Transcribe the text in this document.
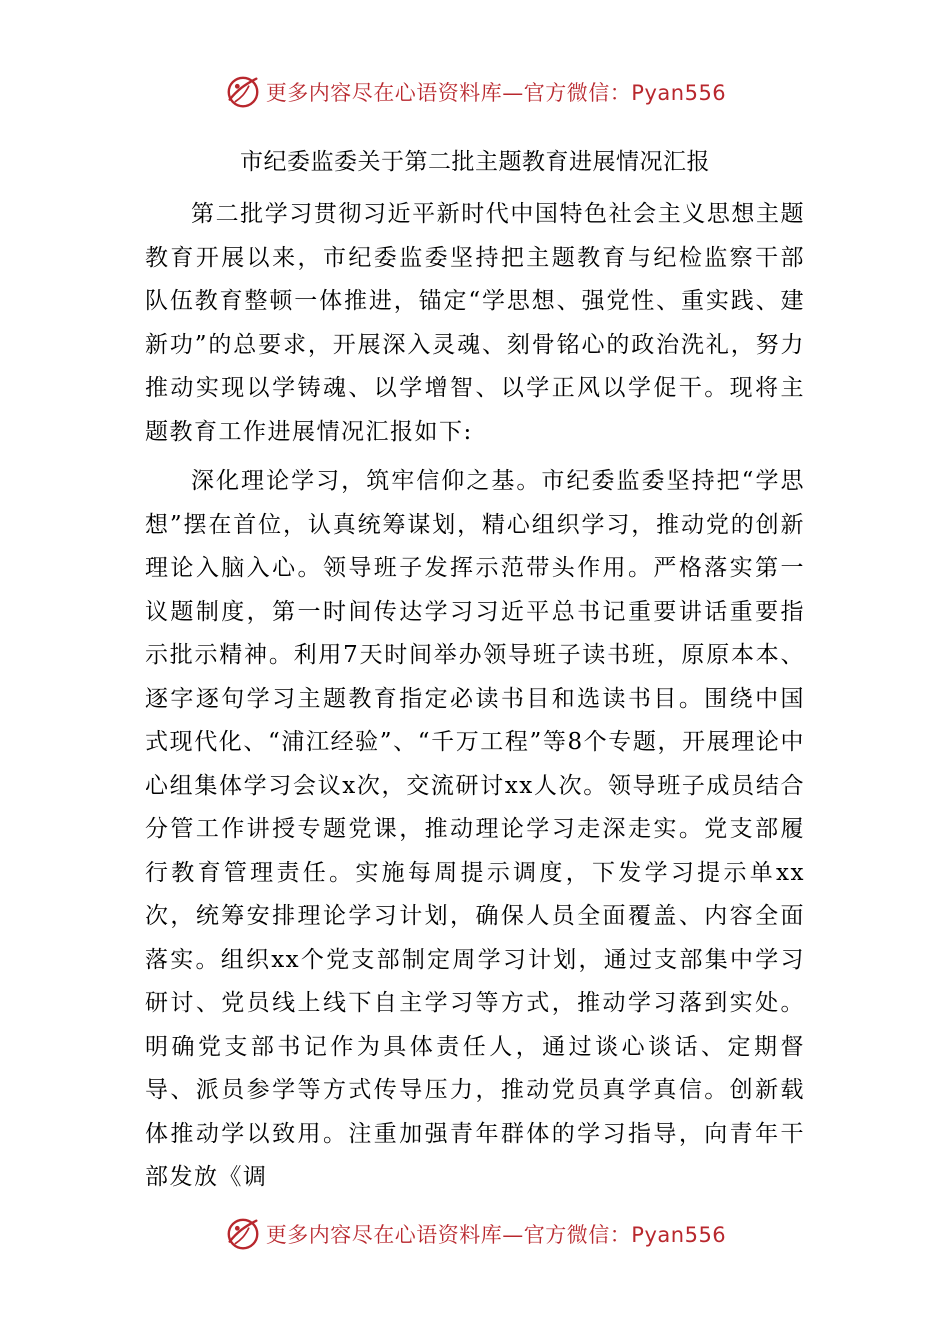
更多内容尽在心语资料库—官方微信：Pyan556
市纪委监委关于第二批主题教育进展情况汇报

第二批学习贯彻习近平新时代中国特色社会主义思想主题教育开展以来，市纪委监委坚持把主题教育与纪检监察干部队伍教育整顿一体推进，锚定“学思想、强党性、重实践、建新功”的总要求，开展深入灵魂、刻骨铭心的政治洗礼，努力推动实现以学铸魂、以学增智、以学正风以学促干。现将主题教育工作进展情况汇报如下:

深化理论学习，筑牢信仰之基。市纪委监委坚持把“学思想”摆在首位，认真统筹谋划，精心组织学习，推动党的创新理论入脑入心。领导班子发挥示范带头作用。严格落实第一议题制度，第一时间传达学习习近平总书记重要讲话重要指示批示精神。利用7天时间举办领导班子读书班，原原本本、逐字逐句学习主题教育指定必读书目和选读书目。围绕中国式现代化、“浦江经验”、“千万工程”等8个专题，开展理论中心组集体学习会议x次，交流研讨xx人次。领导班子成员结合分管工作讲授专题党课，推动理论学习走深走实。党支部履行教育管理责任。实施每周提示调度，下发学习提示单xx次，统筹安排理论学习计划，确保人员全面覆盖、内容全面落实。组织xx个党支部制定周学习计划，通过支部集中学习研讨、党员线上线下自主学习等方式，推动学习落到实处。明确党支部书记作为具体责任人，通过谈心谈话、定期督导、派员参学等方式传导压力，推动党员真学真信。创新载体推动学以致用。注重加强青年群体的学习指导，向青年干部发放《调

更多内容尽在心语资料库—官方微信：Pyan556
